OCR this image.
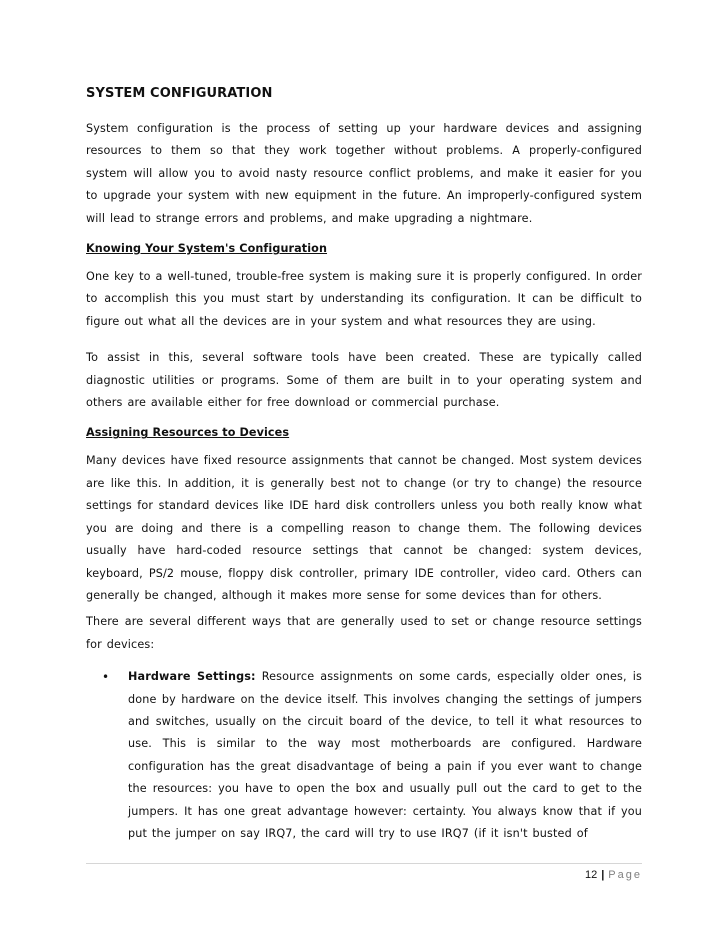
SYSTEM CONFIGURATION

System configuration is the process of setting up your hardware devices and assigning resources to them so that they work together without problems. A properly-configured system will allow you to avoid nasty resource conflict problems, and make it easier for you to upgrade your system with new equipment in the future. An improperly-configured system will lead to strange errors and problems, and make upgrading a nightmare.

Knowing Your System's Configuration

One key to a well-tuned, trouble-free system is making sure it is properly configured. In order to accomplish this you must start by understanding its configuration. It can be difficult to figure out what all the devices are in your system and what resources they are using.

To assist in this, several software tools have been created. These are typically called diagnostic utilities or programs. Some of them are built in to your operating system and others are available either for free download or commercial purchase.

Assigning Resources to Devices

Many devices have fixed resource assignments that cannot be changed. Most system devices are like this. In addition, it is generally best not to change (or try to change) the resource settings for standard devices like IDE hard disk controllers unless you both really know what you are doing and there is a compelling reason to change them. The following devices usually have hard-coded resource settings that cannot be changed: system devices, keyboard, PS/2 mouse, floppy disk controller, primary IDE controller, video card. Others can generally be changed, although it makes more sense for some devices than for others.

There are several different ways that are generally used to set or change resource settings for devices:

• Hardware Settings: Resource assignments on some cards, especially older ones, is done by hardware on the device itself. This involves changing the settings of jumpers and switches, usually on the circuit board of the device, to tell it what resources to use. This is similar to the way most motherboards are configured. Hardware configuration has the great disadvantage of being a pain if you ever want to change the resources: you have to open the box and usually pull out the card to get to the jumpers. It has one great advantage however: certainty. You always know that if you put the jumper on say IRQ7, the card will try to use IRQ7 (if it isn't busted of

12 | Page
